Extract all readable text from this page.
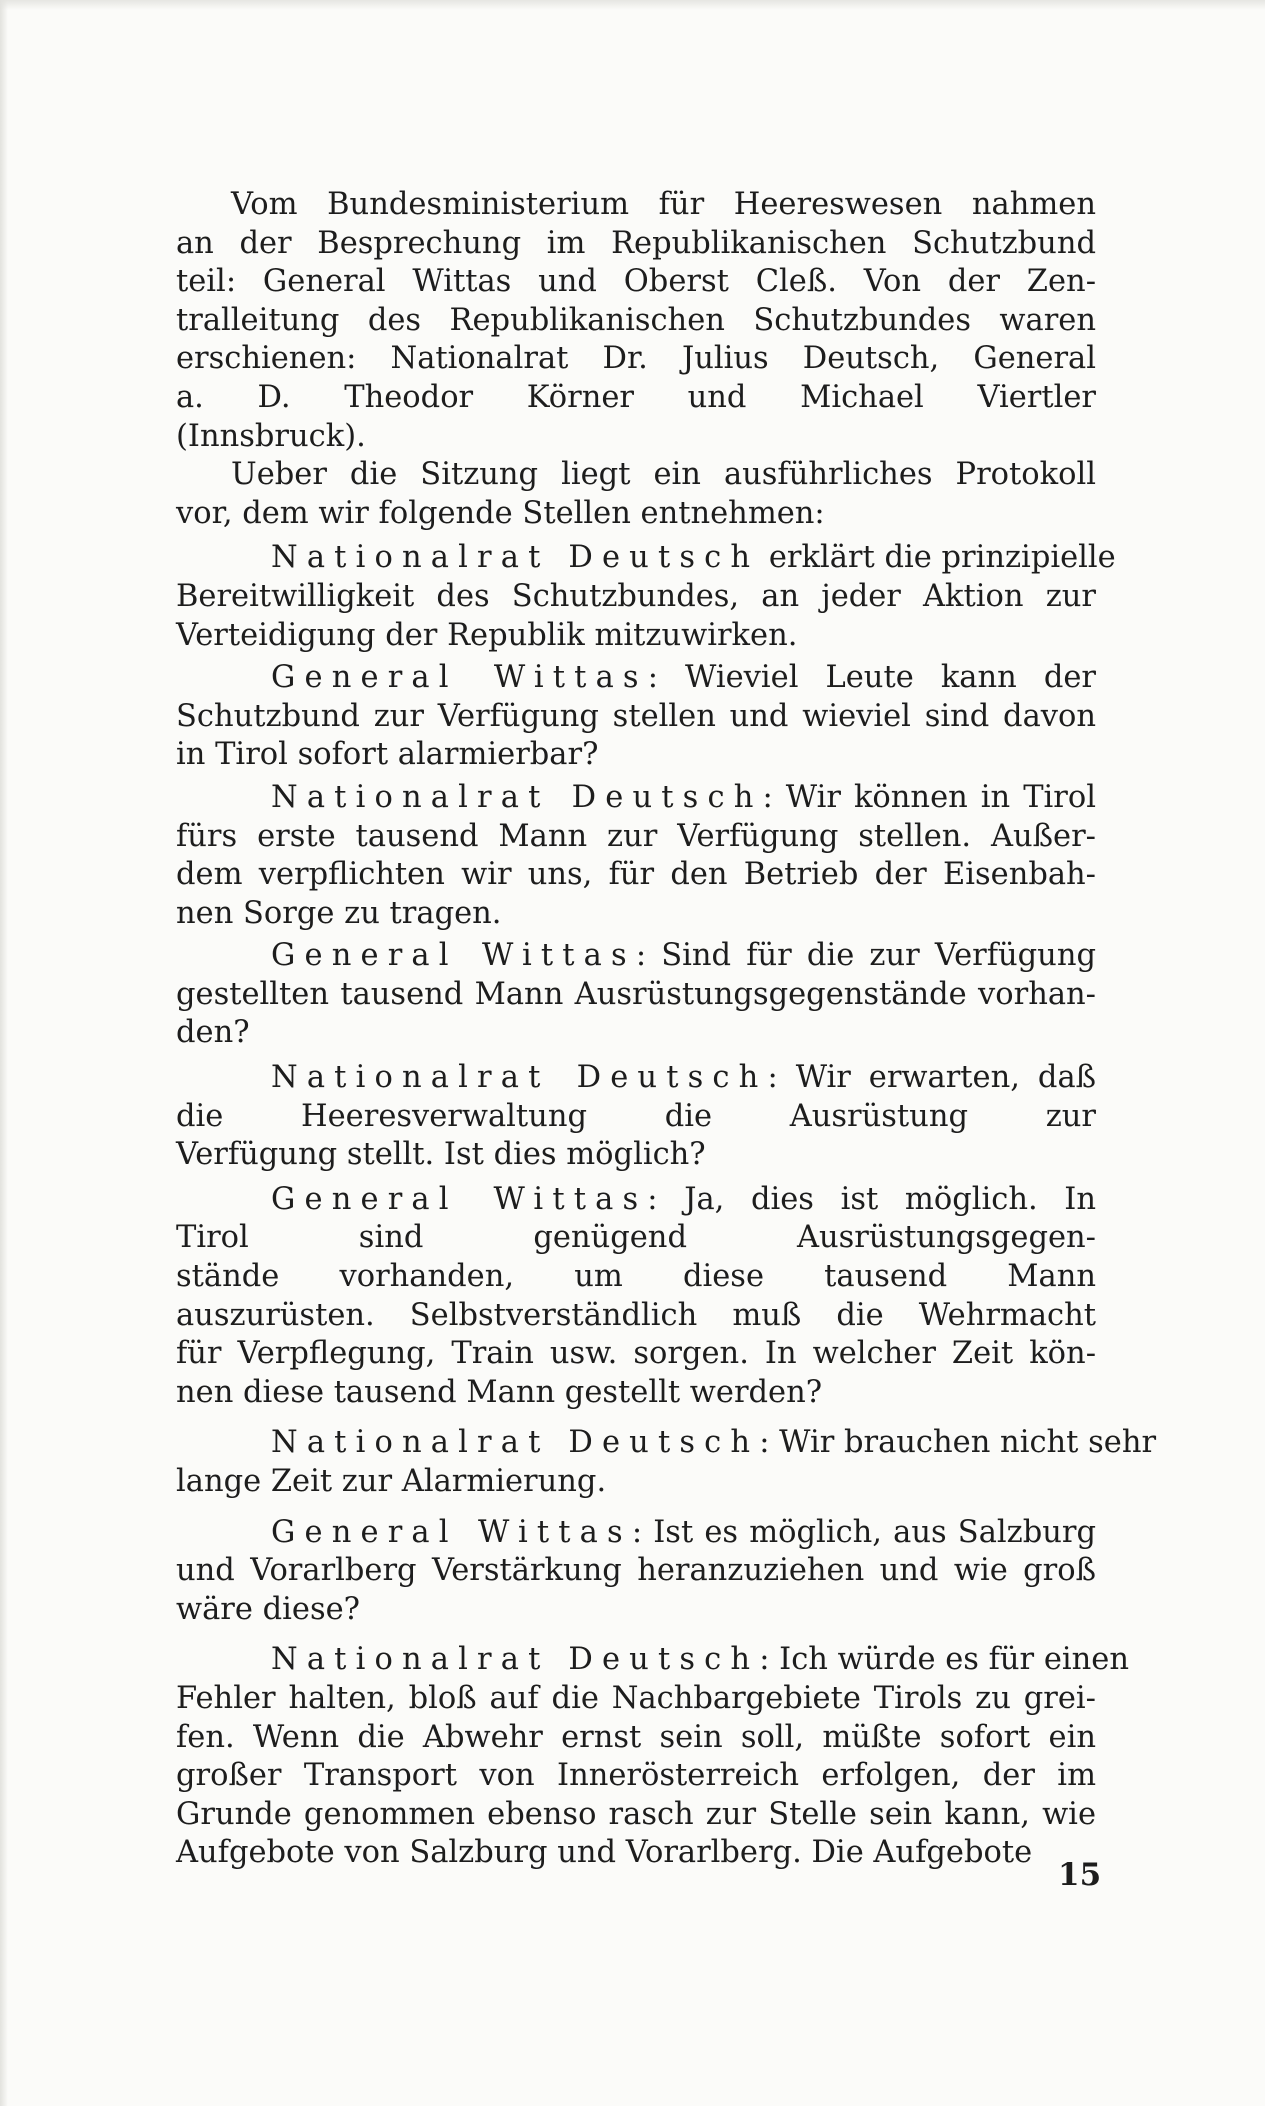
Vom Bundesministerium für Heereswesen nahmen
an der Besprechung im Republikanischen Schutzbund
teil: General Wittas und Oberst Cleß. Von der Zen-
tralleitung des Republikanischen Schutzbundes waren
erschienen: Nationalrat Dr. Julius Deutsch, General
a. D. Theodor Körner und Michael Viertler
(Innsbruck).

Ueber die Sitzung liegt ein ausführliches Protokoll
vor, dem wir folgende Stellen entnehmen:

Nationalrat Deutsch erklärt die prinzipielle
Bereitwilligkeit des Schutzbundes, an jeder Aktion zur
Verteidigung der Republik mitzuwirken.

General Wittas: Wieviel Leute kann der
Schutzbund zur Verfügung stellen und wieviel sind davon
in Tirol sofort alarmierbar?

Nationalrat Deutsch: Wir können in Tirol
fürs erste tausend Mann zur Verfügung stellen. Außer-
dem verpflichten wir uns, für den Betrieb der Eisenbah-
nen Sorge zu tragen.

General Wittas: Sind für die zur Verfügung
gestellten tausend Mann Ausrüstungsgegenstände vorhan-
den?

Nationalrat Deutsch: Wir erwarten, daß
die Heeresverwaltung die Ausrüstung zur
Verfügung stellt. Ist dies möglich?

General Wittas: Ja, dies ist möglich. In
Tirol sind genügend Ausrüstungsgegen-
stände vorhanden, um diese tausend Mann
auszurüsten. Selbstverständlich muß die Wehrmacht
für Verpflegung, Train usw. sorgen. In welcher Zeit kön-
nen diese tausend Mann gestellt werden?

Nationalrat Deutsch: Wir brauchen nicht sehr
lange Zeit zur Alarmierung.

General Wittas: Ist es möglich, aus Salzburg
und Vorarlberg Verstärkung heranzuziehen und wie groß
wäre diese?

Nationalrat Deutsch: Ich würde es für einen
Fehler halten, bloß auf die Nachbargebiete Tirols zu grei-
fen. Wenn die Abwehr ernst sein soll, müßte sofort ein
großer Transport von Innerösterreich erfolgen, der im
Grunde genommen ebenso rasch zur Stelle sein kann, wie
Aufgebote von Salzburg und Vorarlberg. Die Aufgebote

15
